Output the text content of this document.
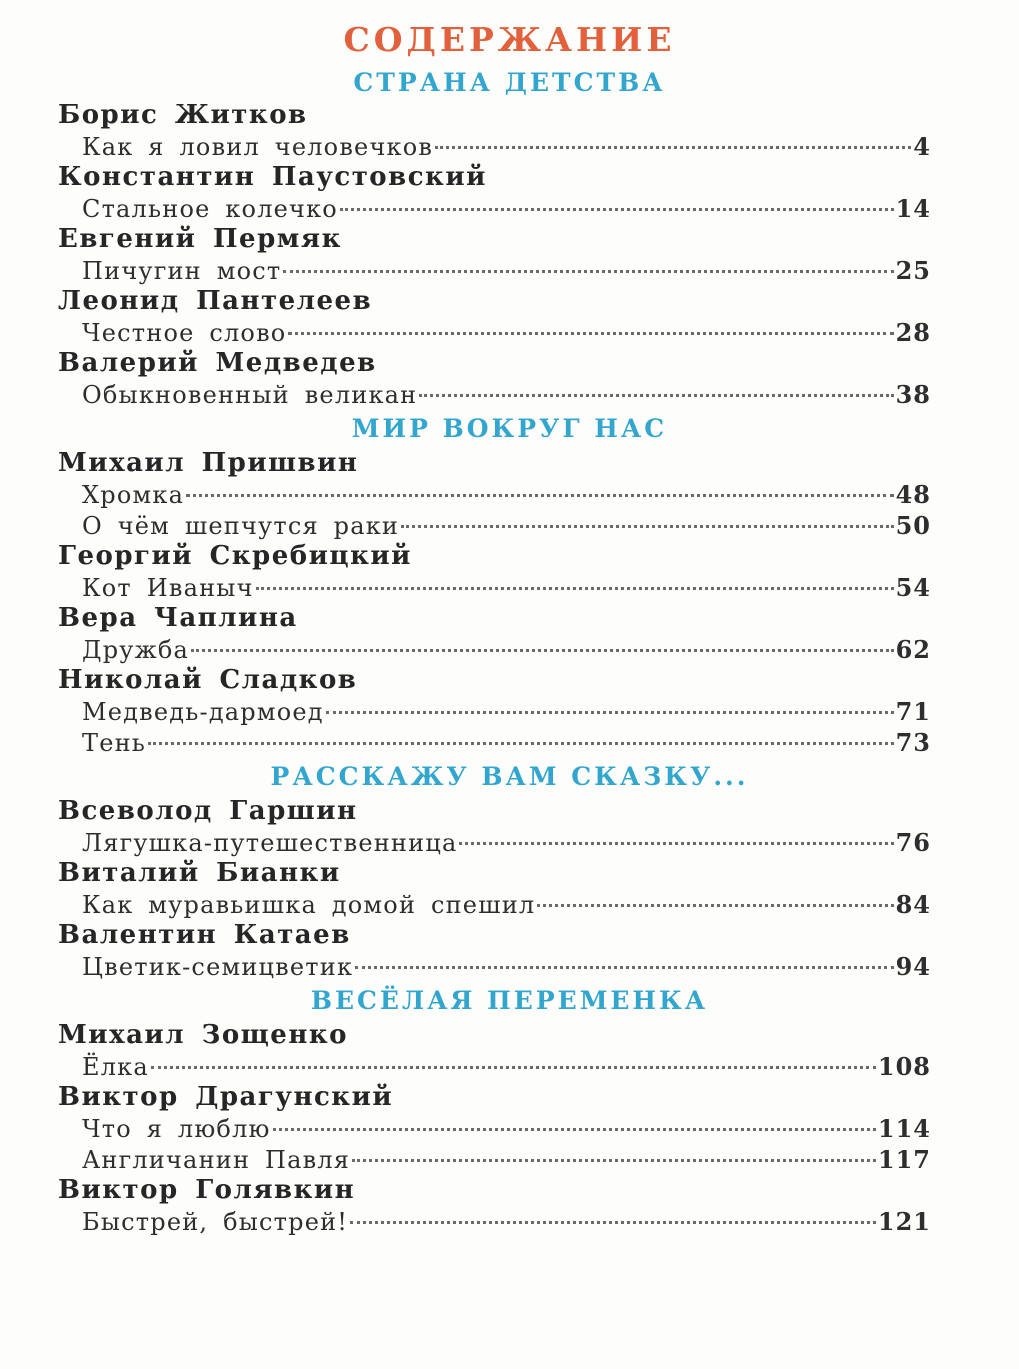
СОДЕРЖАНИЕ
СТРАНА ДЕТСТВА
Борис Житков
Как я ловил человечков	4
Константин Паустовский
Стальное колечко	14
Евгений Пермяк
Пичугин мост	25
Леонид Пантелеев
Честное слово	28
Валерий Медведев
Обыкновенный великан	38
МИР ВОКРУГ НАС
Михаил Пришвин
Хромка	48
О чём шепчутся раки	50
Георгий Скребицкий
Кот Иваныч	54
Вера Чаплина
Дружба	62
Николай Сладков
Медведь-дармоед	71
Тень	73
РАССКАЖУ ВАМ СКАЗКУ...
Всеволод Гаршин
Лягушка-путешественница	76
Виталий Бианки
Как муравьишка домой спешил	84
Валентин Катаев
Цветик-семицветик	94
ВЕСЁЛАЯ ПЕРЕМЕНКА
Михаил Зощенко
Ёлка	108
Виктор Драгунский
Что я люблю	114
Англичанин Павля	117
Виктор Голявкин
Быстрей, быстрей!	121
